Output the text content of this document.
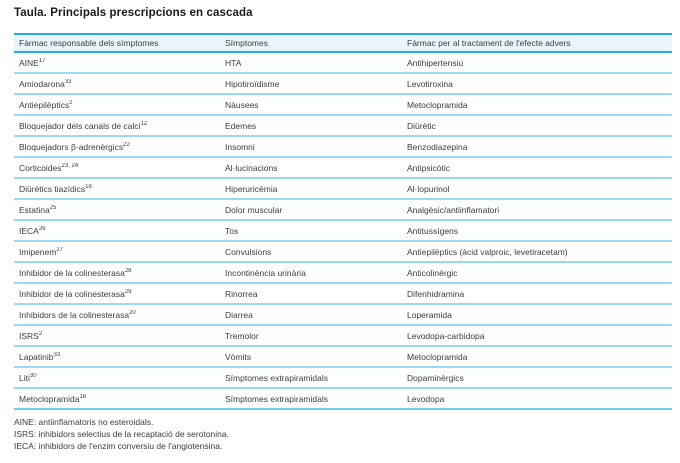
Taula. Principals prescripcions en cascada
Fàrmac responsable dels símptomes	Símptomes	Fàrmac per al tractament de l'efecte advers
AINE$^{17}$	HTA	Antihipertensiu
Amiodarona$^{33}$	Hipotiroïdisme	Levotiroxina
Antiepilèptics$^2$	Nàusees	Metoclopramida
Bloquejador dels canals de calci$^{12}$	Edemes	Diürètic
Bloquejadors β-adrenèrgics$^{22}$	Insomni	Benzodiazepina
Corticoides$^{23, 24}$	Al·lucinacions	Antipsicòtic
Diürètics tiazídics$^{18}$	Hiperuricèmia	Al·lopurinol
Estatina$^{25}$	Dolor muscular	Analgèsic/antiinflamatori
IECA$^{26}$	Tos	Antitussígens
Imipenem$^{27}$	Convulsions	Antiepilèptics (àcid valproic, levetiracetam)
Inhibidor de la colinesterasa$^{28}$	Incontinència urinària	Anticolinèrgic
Inhibidor de la colinesterasa$^{29}$	Rinorrea	Difenhidramina
Inhibidors de la colinesterasa$^{20}$	Diarrea	Loperamida
ISRS$^2$	Tremolor	Levodopa-carbidopa
Lapatinib$^{33}$	Vòmits	Metoclopramida
Liti$^{30}$	Símptomes extrapiramidals	Dopaminèrgics
Metoclopramida$^{16}$	Símptomes extrapiramidals	Levodopa
AINE: antiinflamatoris no esteroidals.
ISRS: inhibidors selectius de la recaptació de serotonina.
IECA: inhibidors de l'enzim conversiu de l'angiotensina.
